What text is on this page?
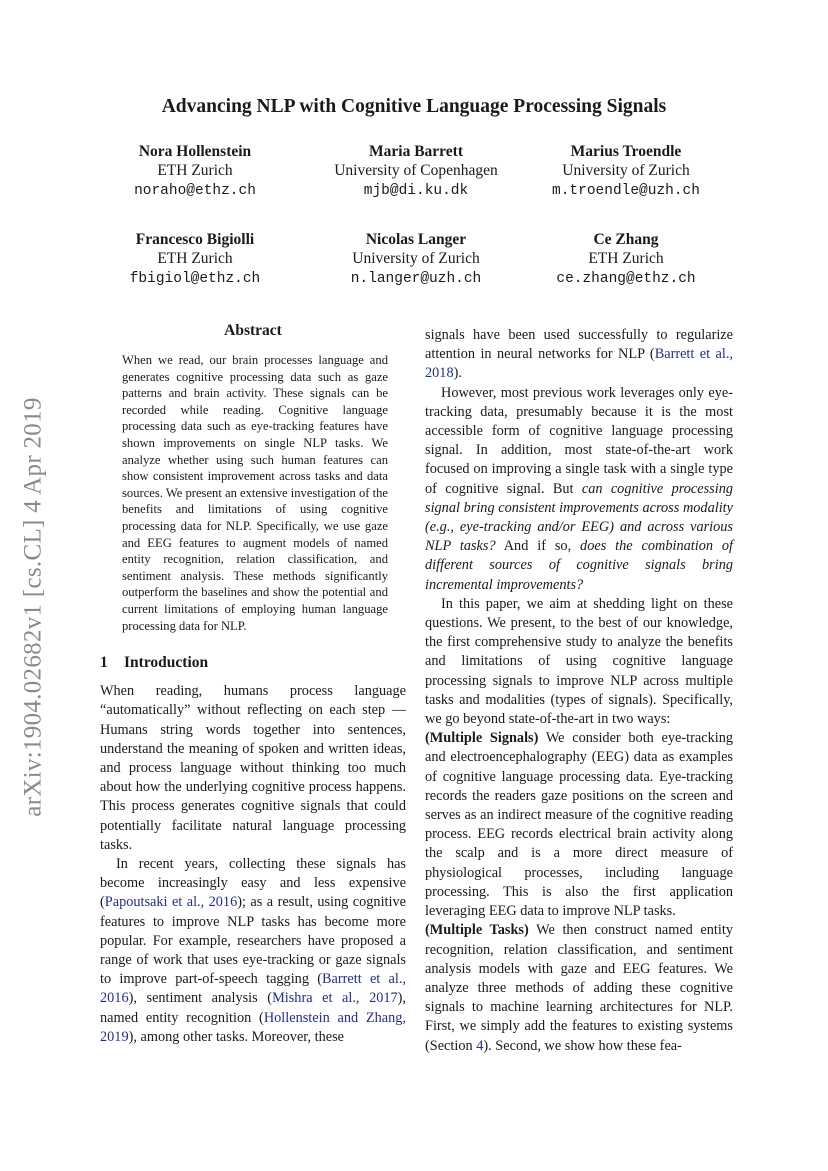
arXiv:1904.02682v1 [cs.CL] 4 Apr 2019
Advancing NLP with Cognitive Language Processing Signals
Nora Hollenstein
ETH Zurich
noraho@ethz.ch
Maria Barrett
University of Copenhagen
mjb@di.ku.dk
Marius Troendle
University of Zurich
m.troendle@uzh.ch
Francesco Bigiolli
ETH Zurich
fbigiol@ethz.ch
Nicolas Langer
University of Zurich
n.langer@uzh.ch
Ce Zhang
ETH Zurich
ce.zhang@ethz.ch
Abstract

When we read, our brain processes language and generates cognitive processing data such as gaze patterns and brain activity. These signals can be recorded while reading. Cognitive language processing data such as eye-tracking features have shown improvements on single NLP tasks. We analyze whether using such human features can show consistent improvement across tasks and data sources. We present an extensive investigation of the benefits and limitations of using cognitive processing data for NLP. Specifically, we use gaze and EEG features to augment models of named entity recognition, relation classification, and sentiment analysis. These methods significantly outperform the baselines and show the potential and current limitations of employing human language processing data for NLP.

1 Introduction

When reading, humans process language “automatically” without reflecting on each step — Humans string words together into sentences, understand the meaning of spoken and written ideas, and process language without thinking too much about how the underlying cognitive process happens. This process generates cognitive signals that could potentially facilitate natural language processing tasks.

In recent years, collecting these signals has become increasingly easy and less expensive (Papoutsaki et al., 2016); as a result, using cognitive features to improve NLP tasks has become more popular. For example, researchers have proposed a range of work that uses eye-tracking or gaze signals to improve part-of-speech tagging (Barrett et al., 2016), sentiment analysis (Mishra et al., 2017), named entity recognition (Hollenstein and Zhang, 2019), among other tasks. Moreover, these

signals have been used successfully to regularize attention in neural networks for NLP (Barrett et al., 2018).

However, most previous work leverages only eye-tracking data, presumably because it is the most accessible form of cognitive language processing signal. In addition, most state-of-the-art work focused on improving a single task with a single type of cognitive signal. But can cognitive processing signal bring consistent improvements across modality (e.g., eye-tracking and/or EEG) and across various NLP tasks? And if so, does the combination of different sources of cognitive signals bring incremental improvements?

In this paper, we aim at shedding light on these questions. We present, to the best of our knowledge, the first comprehensive study to analyze the benefits and limitations of using cognitive language processing signals to improve NLP across multiple tasks and modalities (types of signals). Specifically, we go beyond state-of-the-art in two ways:

(Multiple Signals) We consider both eye-tracking and electroencephalography (EEG) data as examples of cognitive language processing data. Eye-tracking records the readers gaze positions on the screen and serves as an indirect measure of the cognitive reading process. EEG records electrical brain activity along the scalp and is a more direct measure of physiological processes, including language processing. This is also the first application leveraging EEG data to improve NLP tasks.

(Multiple Tasks) We then construct named entity recognition, relation classification, and sentiment analysis models with gaze and EEG features. We analyze three methods of adding these cognitive signals to machine learning architectures for NLP. First, we simply add the features to existing systems (Section 4). Second, we show how these fea-
